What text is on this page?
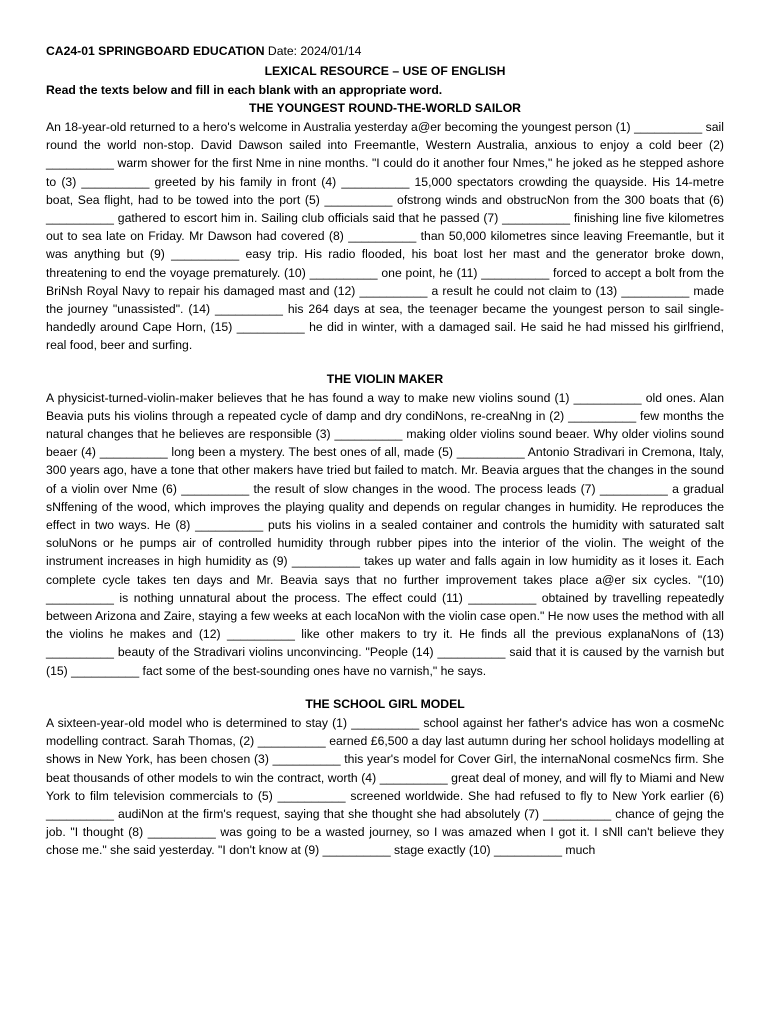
CA24-01 SPRINGBOARD EDUCATION Date: 2024/01/14

LEXICAL RESOURCE – USE OF ENGLISH

Read the texts below and fill in each blank with an appropriate word.

THE YOUNGEST ROUND-THE-WORLD SAILOR

An 18-year-old returned to a hero's welcome in Australia yesterday a@er becoming the youngest person (1) __________ sail round the world non-stop. David Dawson sailed into Freemantle, Western Australia, anxious to enjoy a cold beer (2) __________ warm shower for the first Nme in nine months. "I could do it another four Nmes," he joked as he stepped ashore to (3) __________ greeted by his family in front (4) __________ 15,000 spectators crowding the quayside. His 14-metre boat, Sea flight, had to be towed into the port (5) __________ ofstrong winds and obstrucNon from the 300 boats that (6) __________ gathered to escort him in. Sailing club officials said that he passed (7) __________ finishing line five kilometres out to sea late on Friday. Mr Dawson had covered (8) __________ than 50,000 kilometres since leaving Freemantle, but it was anything but (9) __________ easy trip. His radio flooded, his boat lost her mast and the generator broke down, threatening to end the voyage prematurely. (10) __________ one point, he (11) __________ forced to accept a bolt from the BriNsh Royal Navy to repair his damaged mast and (12) __________ a result he could not claim to (13) __________ made the journey "unassisted". (14) __________ his 264 days at sea, the teenager became the youngest person to sail single-handedly around Cape Horn, (15) __________ he did in winter, with a damaged sail. He said he had missed his girlfriend, real food, beer and surfing.

THE VIOLIN MAKER

A physicist-turned-violin-maker believes that he has found a way to make new violins sound (1) __________ old ones. Alan Beavia puts his violins through a repeated cycle of damp and dry condiNons, re-creaNng in (2) __________ few months the natural changes that he believes are responsible (3) __________ making older violins sound beaer. Why older violins sound beaer (4) __________ long been a mystery. The best ones of all, made (5) __________ Antonio Stradivari in Cremona, Italy, 300 years ago, have a tone that other makers have tried but failed to match. Mr. Beavia argues that the changes in the sound of a violin over Nme (6) __________ the result of slow changes in the wood. The process leads (7) __________ a gradual sNffening of the wood, which improves the playing quality and depends on regular changes in humidity. He reproduces the effect in two ways. He (8) __________ puts his violins in a sealed container and controls the humidity with saturated salt soluNons or he pumps air of controlled humidity through rubber pipes into the interior of the violin. The weight of the instrument increases in high humidity as (9) __________ takes up water and falls again in low humidity as it loses it. Each complete cycle takes ten days and Mr. Beavia says that no further improvement takes place a@er six cycles. "(10) __________ is nothing unnatural about the process. The effect could (11) __________ obtained by travelling repeatedly between Arizona and Zaire, staying a few weeks at each locaNon with the violin case open." He now uses the method with all the violins he makes and (12) __________ like other makers to try it. He finds all the previous explanaNons of (13) __________ beauty of the Stradivari violins unconvincing. "People (14) __________ said that it is caused by the varnish but (15) __________ fact some of the best-sounding ones have no varnish," he says.

THE SCHOOL GIRL MODEL

A sixteen-year-old model who is determined to stay (1) __________ school against her father's advice has won a cosmeNc modelling contract. Sarah Thomas, (2) __________ earned £6,500 a day last autumn during her school holidays modelling at shows in New York, has been chosen (3) __________ this year's model for Cover Girl, the internaNonal cosmeNcs firm. She beat thousands of other models to win the contract, worth (4) __________ great deal of money, and will fly to Miami and New York to film television commercials to (5) __________ screened worldwide. She had refused to fly to New York earlier (6) __________ audiNon at the firm's request, saying that she thought she had absolutely (7) __________ chance of gejng the job. "I thought (8) __________ was going to be a wasted journey, so I was amazed when I got it. I sNll can't believe they chose me." she said yesterday. "I don't know at (9) __________ stage exactly (10) __________ much
